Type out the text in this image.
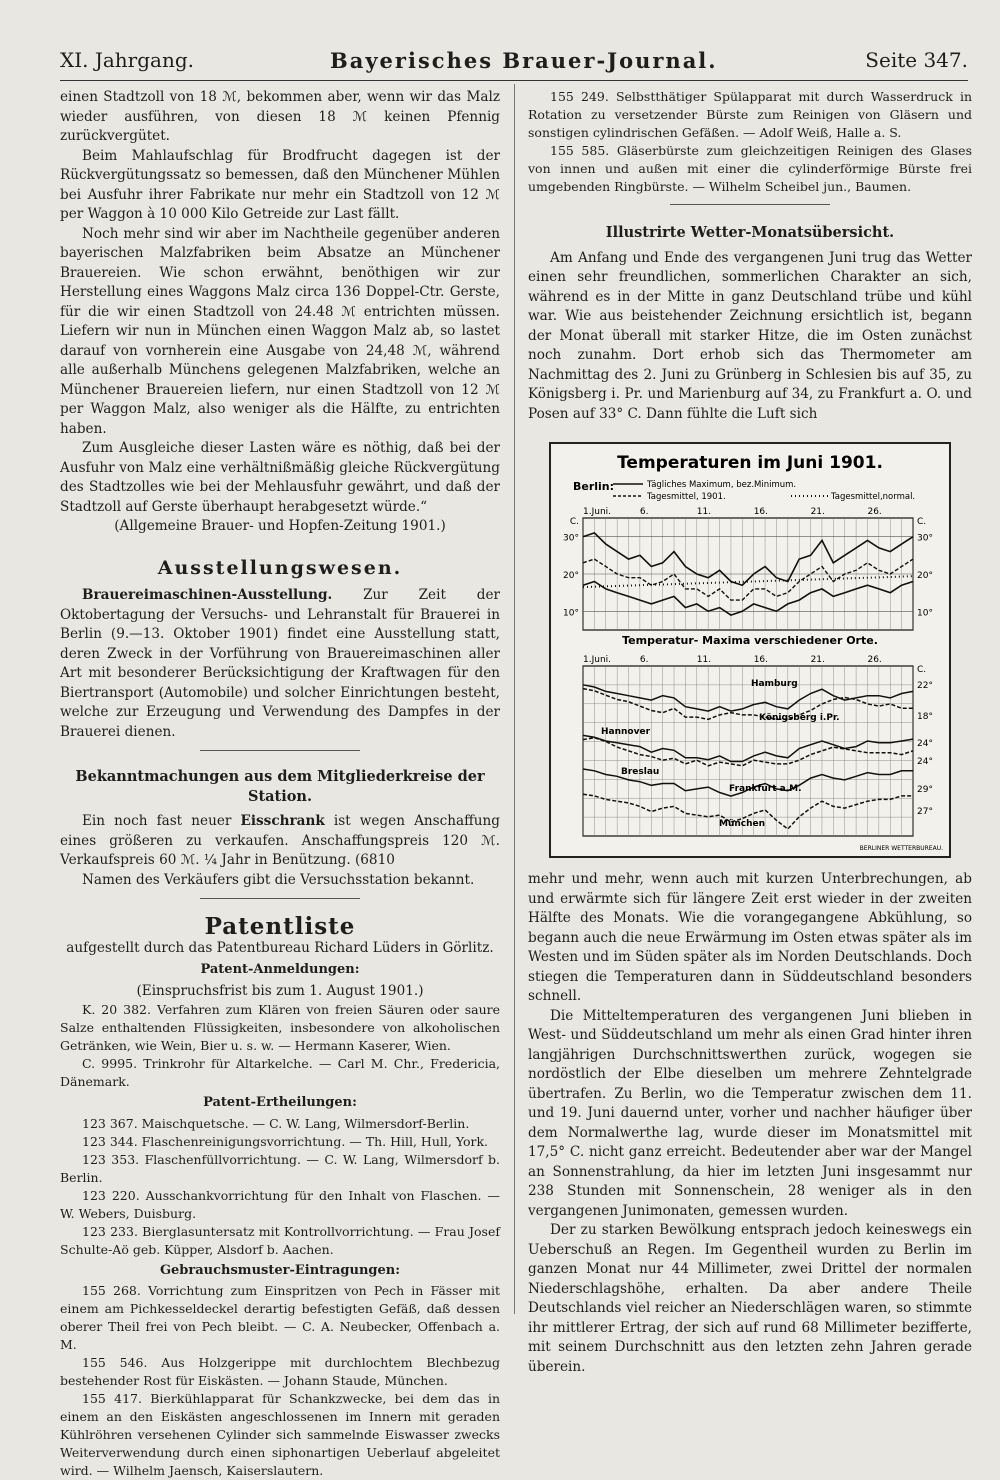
XI. Jahrgang.	Bayerisches Brauer-Journal.	Seite 347.

einen Stadtzoll von 18 ℳ, bekommen aber, wenn wir das Malz wieder ausführen, von diesen 18 ℳ keinen Pfennig zurückvergütet.

Beim Mahlaufschlag für Brodfrucht dagegen ist der Rückvergütungssatz so bemessen, daß den Münchener Mühlen bei Ausfuhr ihrer Fabrikate nur mehr ein Stadtzoll von 12 ℳ per Waggon à 10 000 Kilo Getreide zur Last fällt.

Noch mehr sind wir aber im Nachtheile gegenüber anderen bayerischen Malzfabriken beim Absatze an Münchener Brauereien. Wie schon erwähnt, benöthigen wir zur Herstellung eines Waggons Malz circa 136 Doppel-Ctr. Gerste, für die wir einen Stadtzoll von 24.48 ℳ entrichten müssen. Liefern wir nun in München einen Waggon Malz ab, so lastet darauf von vornherein eine Ausgabe von 24,48 ℳ, während alle außerhalb Münchens gelegenen Malzfabriken, welche an Münchener Brauereien liefern, nur einen Stadtzoll von 12 ℳ per Waggon Malz, also weniger als die Hälfte, zu entrichten haben.

Zum Ausgleiche dieser Lasten wäre es nöthig, daß bei der Ausfuhr von Malz eine verhältnißmäßig gleiche Rückvergütung des Stadtzolles wie bei der Mehlausfuhr gewährt, und daß der Stadtzoll auf Gerste überhaupt herabgesetzt würde.“

(Allgemeine Brauer- und Hopfen-Zeitung 1901.)

Ausstellungswesen.

Brauereimaschinen-Ausstellung. Zur Zeit der Oktobertagung der Versuchs- und Lehranstalt für Brauerei in Berlin (9.—13. Oktober 1901) findet eine Ausstellung statt, deren Zweck in der Vorführung von Brauereimaschinen aller Art mit besonderer Berücksichtigung der Kraftwagen für den Biertransport (Automobile) und solcher Einrichtungen besteht, welche zur Erzeugung und Verwendung des Dampfes in der Brauerei dienen.

Bekanntmachungen aus dem Mitgliederkreise der Station.

Ein noch fast neuer Eisschrank ist wegen Anschaffung eines größeren zu verkaufen. Anschaffungspreis 120 ℳ. Verkaufspreis 60 ℳ. ¼ Jahr in Benützung. (6810

Namen des Verkäufers gibt die Versuchsstation bekannt.

Patentliste

aufgestellt durch das Patentbureau Richard Lüders in Görlitz.

Patent-Anmeldungen:

(Einspruchsfrist bis zum 1. August 1901.)

K. 20 382. Verfahren zum Klären von freien Säuren oder saure Salze enthaltenden Flüssigkeiten, insbesondere von alkoholischen Getränken, wie Wein, Bier u. s. w. — Hermann Kaserer, Wien.

C. 9995. Trinkrohr für Altarkelche. — Carl M. Chr., Fredericia, Dänemark.

Patent-Ertheilungen:

123 367. Maischquetsche. — C. W. Lang, Wilmersdorf-Berlin.

123 344. Flaschenreinigungsvorrichtung. — Th. Hill, Hull, York.

123 353. Flaschenfüllvorrichtung. — C. W. Lang, Wilmersdorf b. Berlin.

123 220. Ausschankvorrichtung für den Inhalt von Flaschen. — W. Webers, Duisburg.

123 233. Bierglasuntersatz mit Kontrollvorrichtung. — Frau Josef Schulte-Aö geb. Küpper, Alsdorf b. Aachen.

Gebrauchsmuster-Eintragungen:

155 268. Vorrichtung zum Einspritzen von Pech in Fässer mit einem am Pichkesseldeckel derartig befestigten Gefäß, daß dessen oberer Theil frei von Pech bleibt. — C. A. Neubecker, Offenbach a. M.

155 546. Aus Holzgerippe mit durchlochtem Blechbezug bestehender Rost für Eiskästen. — Johann Staude, München.

155 417. Bierkühlapparat für Schankzwecke, bei dem das in einem an den Eiskästen angeschlossenen im Innern mit geraden Kühlröhren versehenen Cylinder sich sammelnde Eiswasser zwecks Weiterverwendung durch einen siphonartigen Ueberlauf abgeleitet wird. — Wilhelm Jaensch, Kaiserslautern.

155 249. Selbstthätiger Spülapparat mit durch Wasserdruck in Rotation zu versetzender Bürste zum Reinigen von Gläsern und sonstigen cylindrischen Gefäßen. — Adolf Weiß, Halle a. S.

155 585. Gläserbürste zum gleichzeitigen Reinigen des Glases von innen und außen mit einer die cylinderförmige Bürste frei umgebenden Ringbürste. — Wilhelm Scheibel jun., Baumen.

Illustrirte Wetter-Monatsübersicht.

Am Anfang und Ende des vergangenen Juni trug das Wetter einen sehr freundlichen, sommerlichen Charakter an sich, während es in der Mitte in ganz Deutschland trübe und kühl war. Wie aus beistehender Zeichnung ersichtlich ist, begann der Monat überall mit starker Hitze, die im Osten zunächst noch zunahm. Dort erhob sich das Thermometer am Nachmittag des 2. Juni zu Grünberg in Schlesien bis auf 35, zu Königsberg i. Pr. und Marienburg auf 34, zu Frankfurt a. O. und Posen auf 33° C. Dann fühlte die Luft sich

Temperaturen im Juni 1901.
Berlin:	Tägliches Maximum, bez.Minimum.
Tagesmittel, 1901.	Tagesmittel,normal.
30°	30°
20°	20°
10°	10°
C.	C.
1.Juni.	6.	11.	16.	21.	26.
Temperatur- Maxima verschiedener Orte.
1.Juni.	6.	11.	16.	21.	26.
C.
22°
18°
24°
24°
29°
27°
Hamburg
Königsberg i.Pr.
Hannover
Breslau
Frankfurt a.M.
München
BERLINER WETTERBUREAU.

mehr und mehr, wenn auch mit kurzen Unterbrechungen, ab und erwärmte sich für längere Zeit erst wieder in der zweiten Hälfte des Monats. Wie die vorangegangene Abkühlung, so begann auch die neue Erwärmung im Osten etwas später als im Westen und im Süden später als im Norden Deutschlands. Doch stiegen die Temperaturen dann in Süddeutschland besonders schnell.

Die Mitteltemperaturen des vergangenen Juni blieben in West- und Süddeutschland um mehr als einen Grad hinter ihren langjährigen Durchschnittswerthen zurück, wogegen sie nordöstlich der Elbe dieselben um mehrere Zehntelgrade übertrafen. Zu Berlin, wo die Temperatur zwischen dem 11. und 19. Juni dauernd unter, vorher und nachher häufiger über dem Normalwerthe lag, wurde dieser im Monatsmittel mit 17,5° C. nicht ganz erreicht. Bedeutender aber war der Mangel an Sonnenstrahlung, da hier im letzten Juni insgesammt nur 238 Stunden mit Sonnenschein, 28 weniger als in den vergangenen Junimonaten, gemessen wurden.

Der zu starken Bewölkung entsprach jedoch keineswegs ein Ueberschuß an Regen. Im Gegentheil wurden zu Berlin im ganzen Monat nur 44 Millimeter, zwei Drittel der normalen Niederschlagshöhe, erhalten. Da aber andere Theile Deutschlands viel reicher an Niederschlägen waren, so stimmte ihr mittlerer Ertrag, der sich auf rund 68 Millimeter bezifferte, mit seinem Durchschnitt aus den letzten zehn Jahren gerade überein.
